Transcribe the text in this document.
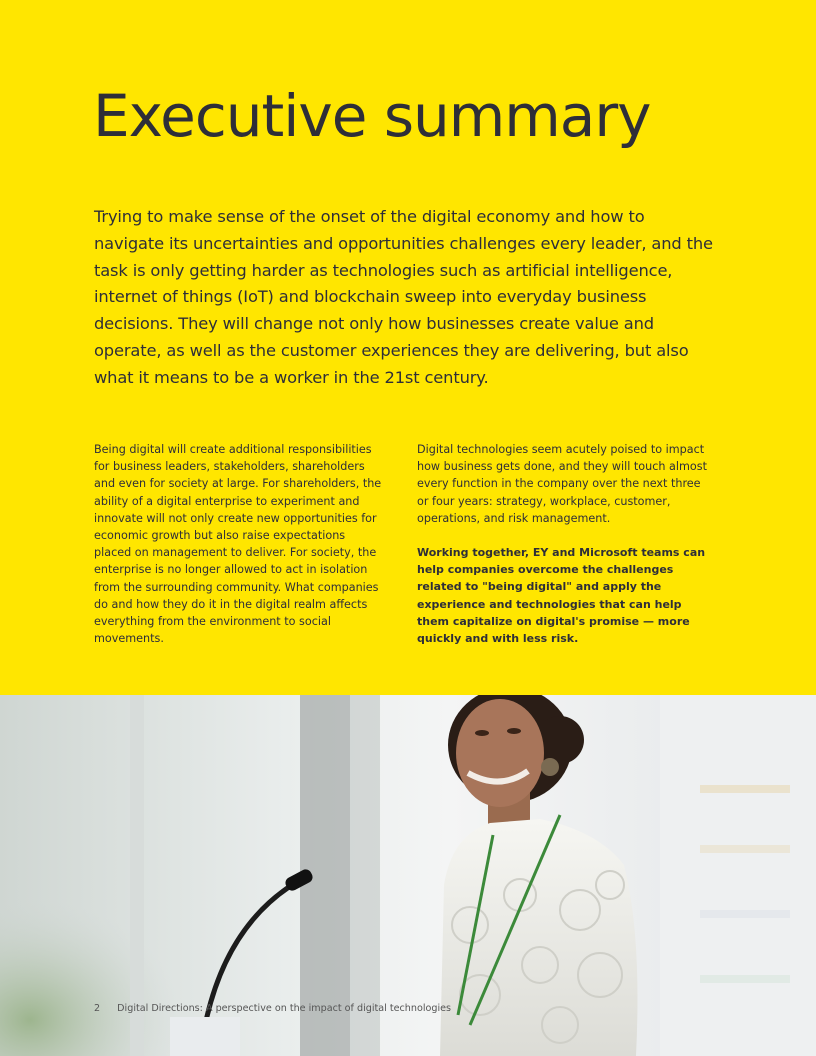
Executive summary

Trying to make sense of the onset of the digital economy and how to navigate its uncertainties and opportunities challenges every leader, and the task is only getting harder as technologies such as artificial intelligence, internet of things (IoT) and blockchain sweep into everyday business decisions. They will change not only how businesses create value and operate, as well as the customer experiences they are delivering, but also what it means to be a worker in the 21st century.

Being digital will create additional responsibilities for business leaders, stakeholders, shareholders and even for society at large. For shareholders, the ability of a digital enterprise to experiment and innovate will not only create new opportunities for economic growth but also raise expectations placed on management to deliver. For society, the enterprise is no longer allowed to act in isolation from the surrounding community. What companies do and how they do it in the digital realm affects everything from the environment to social movements.

Digital technologies seem acutely poised to impact how business gets done, and they will touch almost every function in the company over the next three or four years: strategy, workplace, customer, operations, and risk management.

Working together, EY and Microsoft teams can help companies overcome the challenges related to "being digital" and apply the experience and technologies that can help them capitalize on digital's promise — more quickly and with less risk.

2 Digital Directions: A perspective on the impact of digital technologies
